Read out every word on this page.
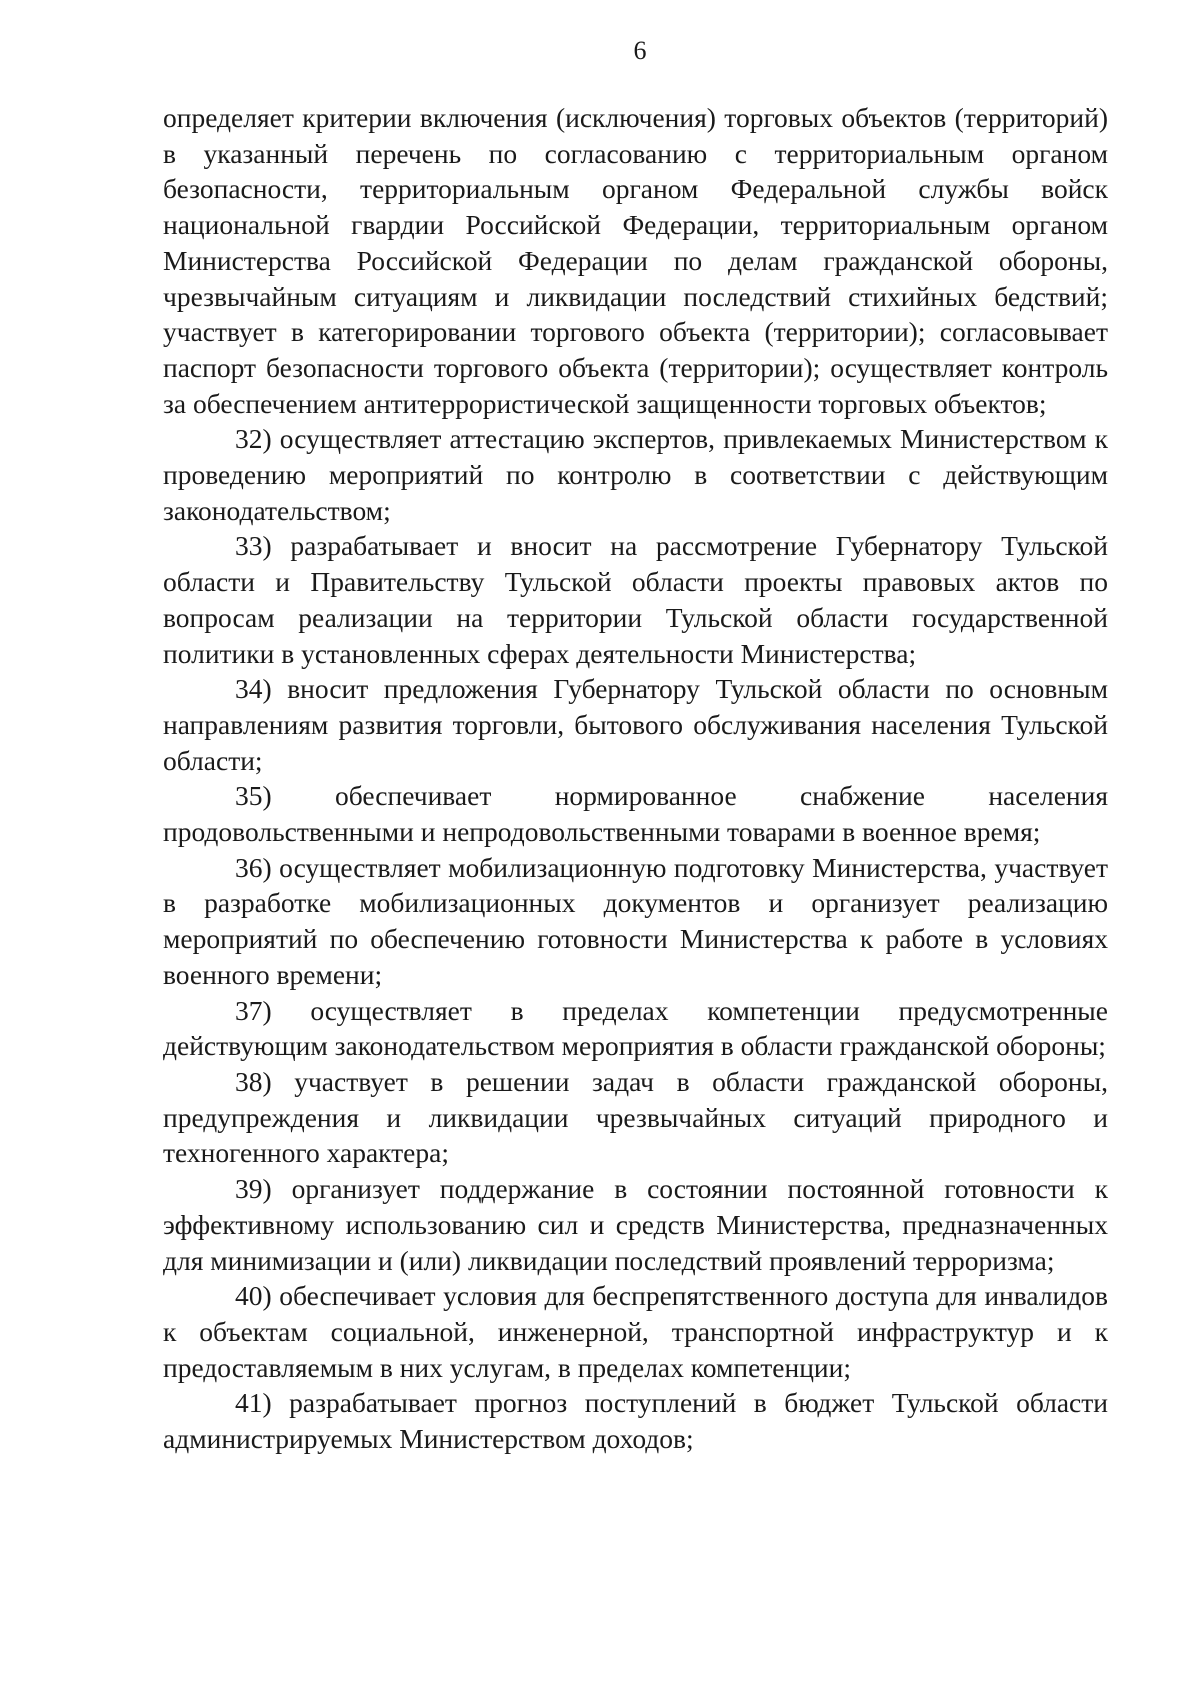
6

определяет критерии включения (исключения) торговых объектов (территорий) в указанный перечень по согласованию с территориальным органом безопасности, территориальным органом Федеральной службы войск национальной гвардии Российской Федерации, территориальным органом Министерства Российской Федерации по делам гражданской обороны, чрезвычайным ситуациям и ликвидации последствий стихийных бедствий; участвует в категорировании торгового объекта (территории); согласовывает паспорт безопасности торгового объекта (территории); осуществляет контроль за обеспечением антитеррористической защищенности торговых объектов;

32) осуществляет аттестацию экспертов, привлекаемых Министерством к проведению мероприятий по контролю в соответствии с действующим законодательством;

33) разрабатывает и вносит на рассмотрение Губернатору Тульской области и Правительству Тульской области проекты правовых актов по вопросам реализации на территории Тульской области государственной политики в установленных сферах деятельности Министерства;

34) вносит предложения Губернатору Тульской области по основным направлениям развития торговли, бытового обслуживания населения Тульской области;

35) обеспечивает нормированное снабжение населения продовольственными и непродовольственными товарами в военное время;

36) осуществляет мобилизационную подготовку Министерства, участвует в разработке мобилизационных документов и организует реализацию мероприятий по обеспечению готовности Министерства к работе в условиях военного времени;

37) осуществляет в пределах компетенции предусмотренные действующим законодательством мероприятия в области гражданской обороны;

38) участвует в решении задач в области гражданской обороны, предупреждения и ликвидации чрезвычайных ситуаций природного и техногенного характера;

39) организует поддержание в состоянии постоянной готовности к эффективному использованию сил и средств Министерства, предназначенных для минимизации и (или) ликвидации последствий проявлений терроризма;

40) обеспечивает условия для беспрепятственного доступа для инвалидов к объектам социальной, инженерной, транспортной инфраструктур и к предоставляемым в них услугам, в пределах компетенции;

41) разрабатывает прогноз поступлений в бюджет Тульской области администрируемых Министерством доходов;
